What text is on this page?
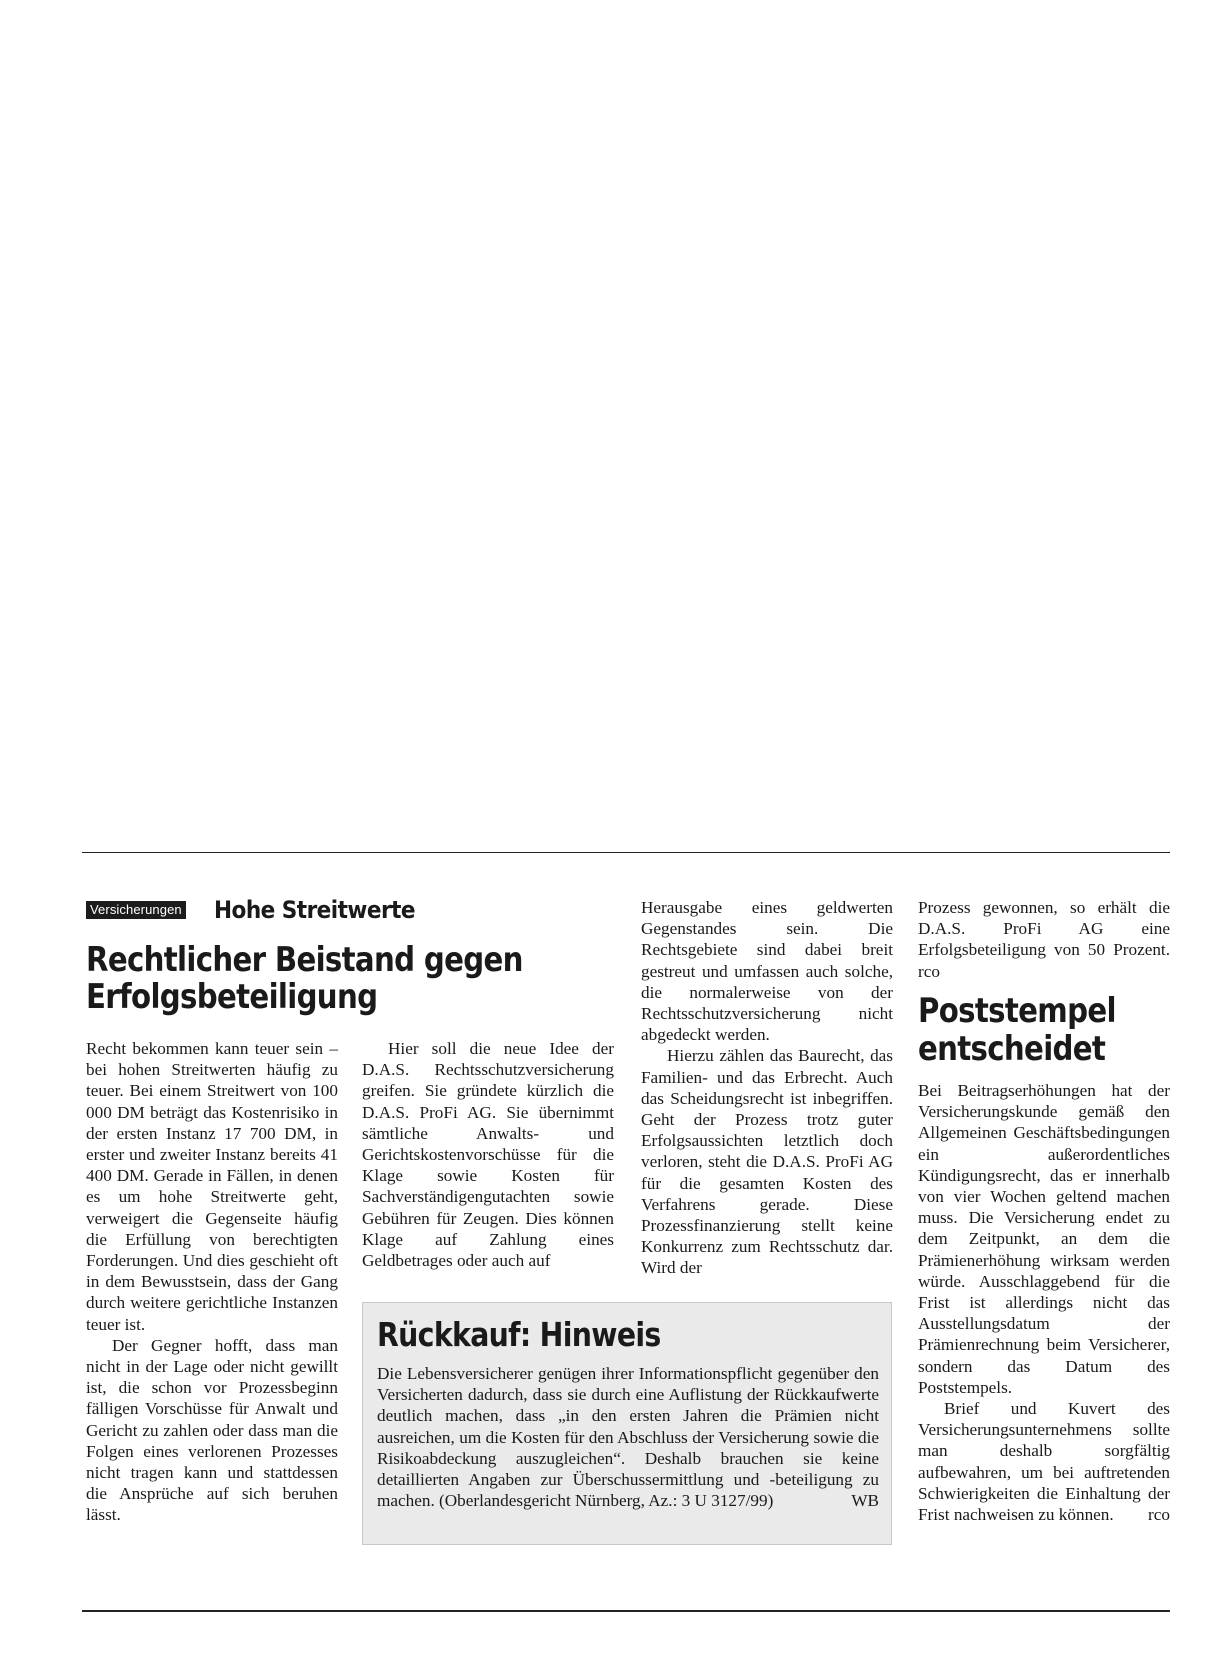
Versicherungen Hohe Streitwerte
Rechtlicher Beistand gegen Erfolgsbeteiligung

Recht bekommen kann teuer sein – bei hohen Streitwerten häufig zu teuer. Bei einem Streitwert von 100 000 DM beträgt das Kostenrisiko in der ersten Instanz 17 700 DM, in erster und zweiter Instanz bereits 41 400 DM. Gerade in Fällen, in denen es um hohe Streitwerte geht, verweigert die Gegenseite häufig die Erfüllung von berechtigten Forderungen. Und dies geschieht oft in dem Bewusstsein, dass der Gang durch weitere gerichtliche Instanzen teuer ist.

Der Gegner hofft, dass man nicht in der Lage oder nicht gewillt ist, die schon vor Prozessbeginn fälligen Vorschüsse für Anwalt und Gericht zu zahlen oder dass man die Folgen eines verlorenen Prozesses nicht tragen kann und stattdessen die Ansprüche auf sich beruhen lässt.

Hier soll die neue Idee der D.A.S. Rechtsschutzversicherung greifen. Sie gründete kürzlich die D.A.S. ProFi AG. Sie übernimmt sämtliche Anwalts- und Gerichtskostenvorschüsse für die Klage sowie Kosten für Sachverständigengutachten sowie Gebühren für Zeugen. Dies können Klage auf Zahlung eines Geldbetrages oder auch auf

Herausgabe eines geldwerten Gegenstandes sein. Die Rechtsgebiete sind dabei breit gestreut und umfassen auch solche, die normalerweise von der Rechtsschutzversicherung nicht abgedeckt werden.

Hierzu zählen das Baurecht, das Familien- und das Erbrecht. Auch das Scheidungsrecht ist inbegriffen. Geht der Prozess trotz guter Erfolgsaussichten letztlich doch verloren, steht die D.A.S. ProFi AG für die gesamten Kosten des Verfahrens gerade. Diese Prozessfinanzierung stellt keine Konkurrenz zum Rechtsschutz dar. Wird der

Prozess gewonnen, so erhält die D.A.S. ProFi AG eine Erfolgsbeteiligung von 50 Prozent. rco

Poststempel entscheidet

Bei Beitragserhöhungen hat der Versicherungskunde gemäß den Allgemeinen Geschäftsbedingungen ein außerordentliches Kündigungsrecht, das er innerhalb von vier Wochen geltend machen muss. Die Versicherung endet zu dem Zeitpunkt, an dem die Prämienerhöhung wirksam werden würde. Ausschlaggebend für die Frist ist allerdings nicht das Ausstellungsdatum der Prämienrechnung beim Versicherer, sondern das Datum des Poststempels.

Brief und Kuvert des Versicherungsunternehmens sollte man deshalb sorgfältig aufbewahren, um bei auftretenden Schwierigkeiten die Einhaltung der Frist nachweisen zu können.	rco

Rückkauf: Hinweis

Die Lebensversicherer genügen ihrer Informationspflicht gegenüber den Versicherten dadurch, dass sie durch eine Auflistung der Rückkaufwerte deutlich machen, dass „in den ersten Jahren die Prämien nicht ausreichen, um die Kosten für den Abschluss der Versicherung sowie die Risikoabdeckung auszugleichen“. Deshalb brauchen sie keine detaillierten Angaben zur Überschussermittlung und -beteiligung zu machen. (Oberlandesgericht Nürnberg, Az.: 3 U 3127/99)	WB
